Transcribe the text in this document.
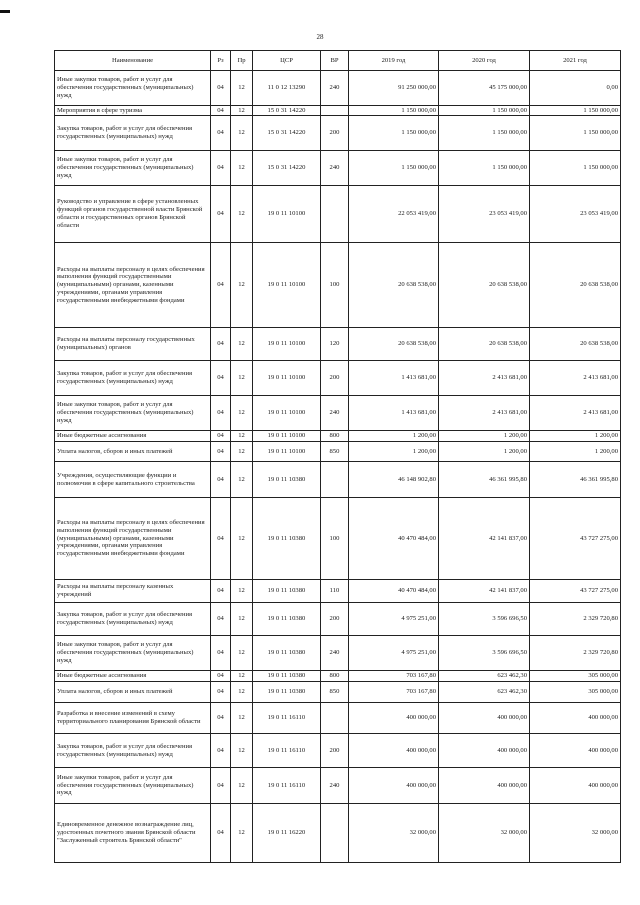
28
Наименование	Рз	Пр	ЦСР	ВР	2019 год	2020 год	2021 год
Иные закупки товаров, работ и услуг для обеспечения государственных (муниципальных) нужд	04	12	11 0 12 13290	240	91 250 000,00	45 175 000,00	0,00
Мероприятия в сфере туризма	04	12	15 0 31 14220		1 150 000,00	1 150 000,00	1 150 000,00
Закупка товаров, работ и услуг для обеспечения государственных (муниципальных) нужд	04	12	15 0 31 14220	200	1 150 000,00	1 150 000,00	1 150 000,00
Иные закупки товаров, работ и услуг для обеспечения государственных (муниципальных) нужд	04	12	15 0 31 14220	240	1 150 000,00	1 150 000,00	1 150 000,00
Руководство и управление в сфере установленных функций органов государственной власти Брянской области и государственных органов Брянской области	04	12	19 0 11 10100		22 053 419,00	23 053 419,00	23 053 419,00
Расходы на выплаты персоналу в целях обеспечения выполнения функций государственными (муниципальными) органами, казенными учреждениями, органами управления государственными внебюджетными фондами	04	12	19 0 11 10100	100	20 638 538,00	20 638 538,00	20 638 538,00
Расходы на выплаты персоналу государственных (муниципальных) органов	04	12	19 0 11 10100	120	20 638 538,00	20 638 538,00	20 638 538,00
Закупка товаров, работ и услуг для обеспечения государственных (муниципальных) нужд	04	12	19 0 11 10100	200	1 413 681,00	2 413 681,00	2 413 681,00
Иные закупки товаров, работ и услуг для обеспечения государственных (муниципальных) нужд	04	12	19 0 11 10100	240	1 413 681,00	2 413 681,00	2 413 681,00
Иные бюджетные ассигнования	04	12	19 0 11 10100	800	1 200,00	1 200,00	1 200,00
Уплата налогов, сборов и иных платежей	04	12	19 0 11 10100	850	1 200,00	1 200,00	1 200,00
Учреждения, осуществляющие функции и полномочия в сфере капитального строительства	04	12	19 0 11 10380		46 148 902,80	46 361 995,80	46 361 995,80
Расходы на выплаты персоналу в целях обеспечения выполнения функций государственными (муниципальными) органами, казенными учреждениями, органами управления государственными внебюджетными фондами	04	12	19 0 11 10380	100	40 470 484,00	42 141 837,00	43 727 275,00
Расходы на выплаты персоналу казенных учреждений	04	12	19 0 11 10380	110	40 470 484,00	42 141 837,00	43 727 275,00
Закупка товаров, работ и услуг для обеспечения государственных (муниципальных) нужд	04	12	19 0 11 10380	200	4 975 251,00	3 596 696,50	2 329 720,80
Иные закупки товаров, работ и услуг для обеспечения государственных (муниципальных) нужд	04	12	19 0 11 10380	240	4 975 251,00	3 596 696,50	2 329 720,80
Иные бюджетные ассигнования	04	12	19 0 11 10380	800	703 167,80	623 462,30	305 000,00
Уплата налогов, сборов и иных платежей	04	12	19 0 11 10380	850	703 167,80	623 462,30	305 000,00
Разработка и внесение изменений в схему территориального планирования Брянской области	04	12	19 0 11 16110		400 000,00	400 000,00	400 000,00
Закупка товаров, работ и услуг для обеспечения государственных (муниципальных) нужд	04	12	19 0 11 16110	200	400 000,00	400 000,00	400 000,00
Иные закупки товаров, работ и услуг для обеспечения государственных (муниципальных) нужд	04	12	19 0 11 16110	240	400 000,00	400 000,00	400 000,00
Единовременное денежное вознаграждение лиц, удостоенных почетного звания Брянской области "Заслуженный строитель Брянской области"	04	12	19 0 11 16220		32 000,00	32 000,00	32 000,00
